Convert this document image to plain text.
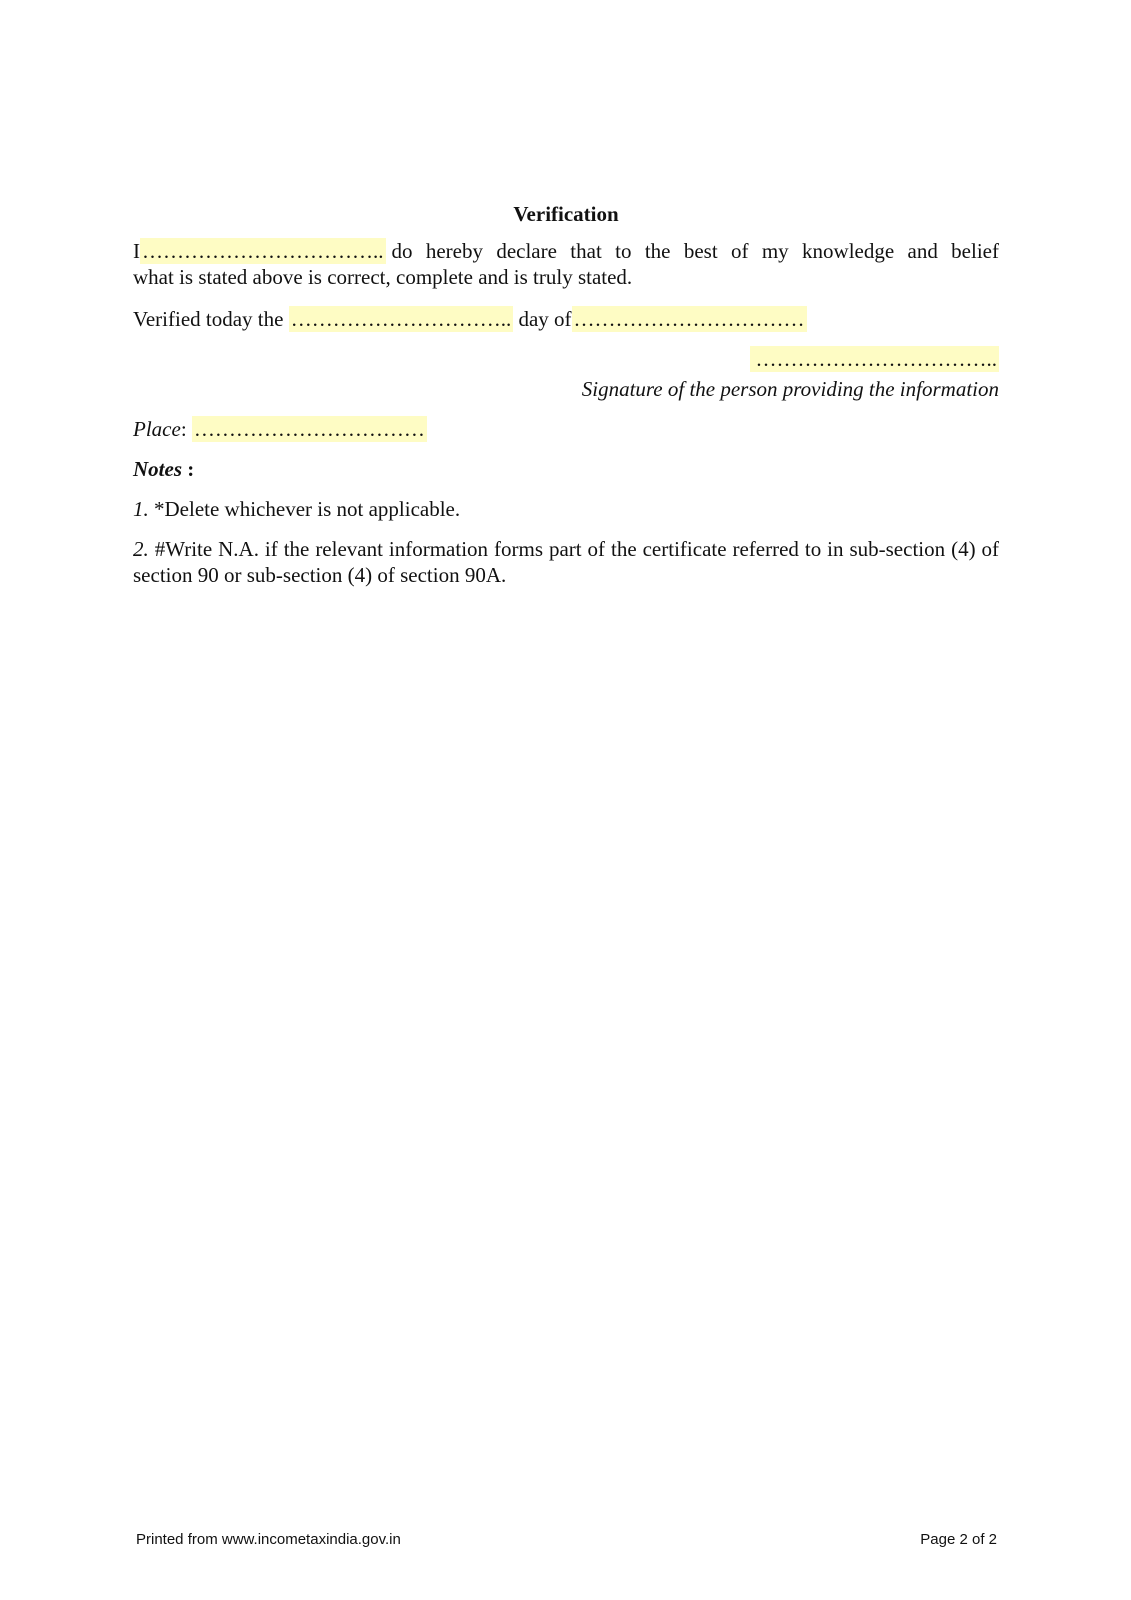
Verification
I …………………………….. do hereby declare that to the best of my knowledge and belief
what is stated above is correct, complete and is truly stated.
Verified today the ………………………….. day of……………………………
……………………………..
Signature of the person providing the information
Place: ……………………………
Notes :
1. *Delete whichever is not applicable.
2. #Write N.A. if the relevant information forms part of the certificate referred to in sub-section (4) of section 90 or sub-section (4) of section 90A.
Printed from www.incometaxindia.gov.in	Page 2 of 2
